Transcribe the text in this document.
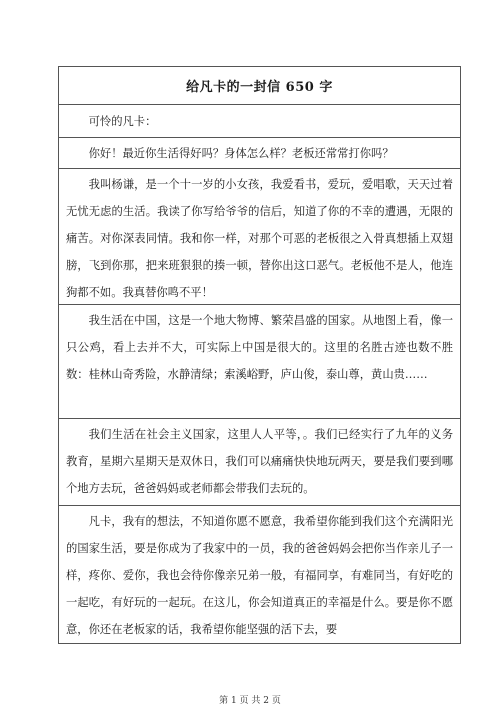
给凡卡的一封信 650 字

可怜的凡卡：

你好！最近你生活得好吗？身体怎么样？老板还常常打你吗？

我叫杨谦，是一个十一岁的小女孩，我爱看书，爱玩，爱唱歌，天天过着无忧无虑的生活。我读了你写给爷爷的信后，知道了你的不幸的遭遇，无限的痛苦。对你深表同情。我和你一样，对那个可恶的老板很之入骨真想插上双翅膀，飞到你那，把来班狠狠的揍一顿，替你出这口恶气。老板他不是人，他连狗都不如。我真替你鸣不平！

我生活在中国，这是一个地大物博、繁荣昌盛的国家。从地图上看，像一只公鸡，看上去并不大，可实际上中国是很大的。这里的名胜古迹也数不胜数：桂林山奇秀险，水静清绿；索溪峪野，庐山俊，泰山尊，黄山贵……

我们生活在社会主义国家，这里人人平等，。我们已经实行了九年的义务教育，星期六星期天是双休日，我们可以痛痛快快地玩两天，要是我们要到哪个地方去玩，爸爸妈妈或老师都会带我们去玩的。

凡卡，我有的想法，不知道你愿不愿意，我希望你能到我们这个充满阳光的国家生活，要是你成为了我家中的一员，我的爸爸妈妈会把你当作亲儿子一样，疼你、爱你，我也会待你像亲兄弟一般，有福同享，有难同当，有好吃的一起吃，有好玩的一起玩。在这儿，你会知道真正的幸福是什么。要是你不愿意，你还在老板家的话，我希望你能坚强的活下去，要

第 1 页 共 2 页
